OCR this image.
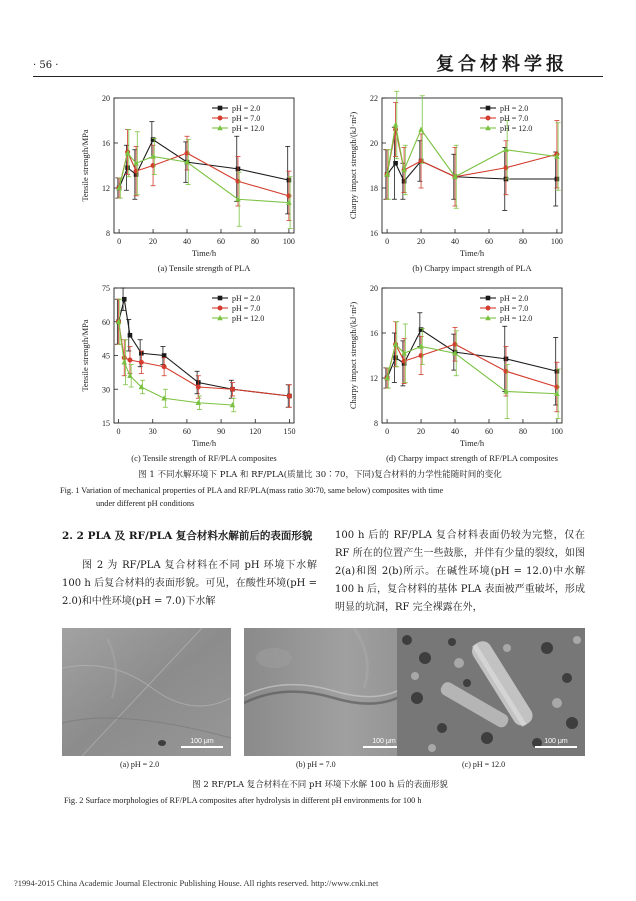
· 56 ·	复合材料学报
0	20	40	60	80	100
8
12
16
20
Time/h
Tensile strength/MPa
(a) Tensile strength of PLA
pH = 2.0
pH = 7.0
pH = 12.0
0	20	40	60	80	100
16
18
20
22
Time/h
Charpy impact strength/(kJ·m²)
(b) Charpy impact strength of PLA
pH = 2.0
pH = 7.0
pH = 12.0
0	30	60	90	120	150
15
30
45
60
75
Time/h
Tensile strength/MPa
(c) Tensile strength of RF/PLA composites
pH = 2.0
pH = 7.0
pH = 12.0
0	20	40	60	80	100
8
12
16
20
Time/h
Charpy impact strength/(kJ·m²)
(d) Charpy impact strength of RF/PLA composites
pH = 2.0
pH = 7.0
pH = 12.0
图 1 不同水解环境下 PLA 和 RF/PLA(质量比 30∶70，下同)复合材料的力学性能随时间的变化
Fig. 1 Variation of mechanical properties of PLA and RF/PLA(mass ratio 30∶70, same below) composites with time
under different pH conditions
2. 2 PLA 及 RF/PLA 复合材料水解前后的表面形貌
图 2 为 RF/PLA 复合材料在不同 pH 环境下水解 100 h 后复合材料的表面形貌。可见，在酸性环境(pH = 2.0)和中性环境(pH = 7.0)下水解
100 h 后的 RF/PLA 复合材料表面仍较为完整，仅在 RF 所在的位置产生一些鼓胀，并伴有少量的裂纹，如图 2(a)和图 2(b)所示。在碱性环境(pH = 12.0)中水解 100 h 后，复合材料的基体 PLA 表面被严重破坏，形成明显的坑洞，RF 完全裸露在外，
100 μm	100 μm	100 μm
(a) pH = 2.0	(b) pH = 7.0	(c) pH = 12.0
图 2 RF/PLA 复合材料在不同 pH 环境下水解 100 h 后的表面形貌
Fig. 2 Surface morphologies of RF/PLA composites after hydrolysis in different pH environments for 100 h
?1994-2015 China Academic Journal Electronic Publishing House. All rights reserved. http://www.cnki.net
